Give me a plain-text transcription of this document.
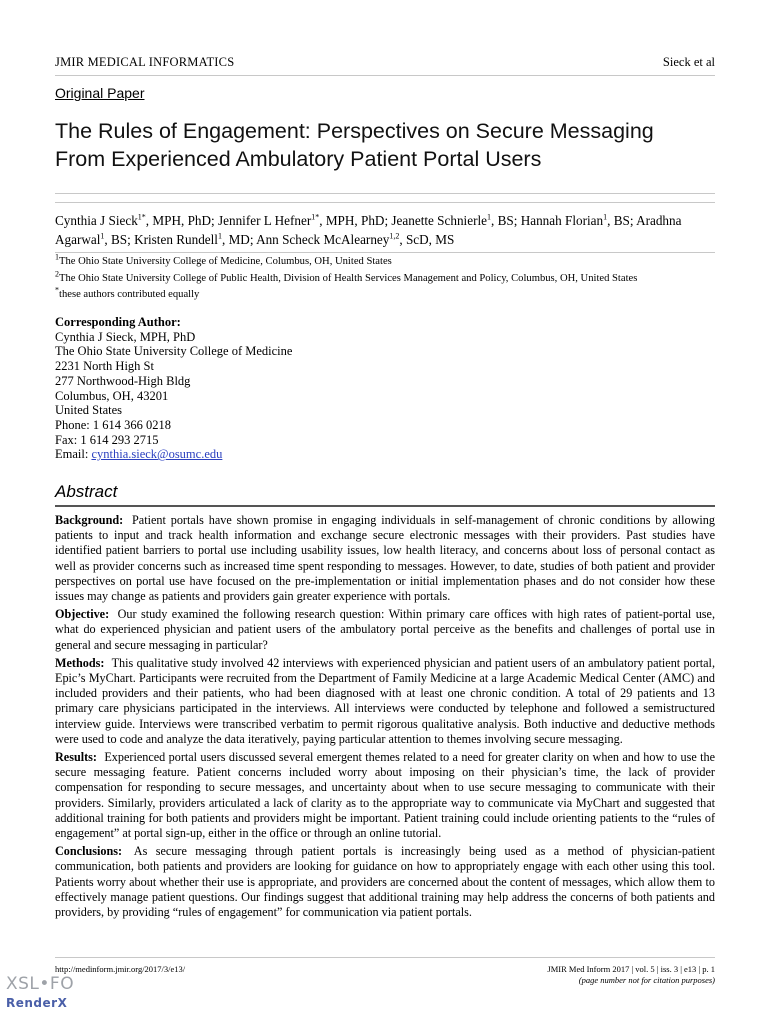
JMIR MEDICAL INFORMATICS	Sieck et al
Original Paper
The Rules of Engagement: Perspectives on Secure Messaging
From Experienced Ambulatory Patient Portal Users
Cynthia J Sieck$^{1*}$, MPH, PhD; Jennifer L Hefner$^{1*}$, MPH, PhD; Jeanette Schnierle$^1$, BS; Hannah Florian$^1$, BS; Aradhna Agarwal$^1$, BS; Kristen Rundell$^1$, MD; Ann Scheck McAlearney$^{1,2}$, ScD, MS
$^1$The Ohio State University College of Medicine, Columbus, OH, United States
$^2$The Ohio State University College of Public Health, Division of Health Services Management and Policy, Columbus, OH, United States
*these authors contributed equally
Corresponding Author:
Cynthia J Sieck, MPH, PhD
The Ohio State University College of Medicine
2231 North High St
277 Northwood-High Bldg
Columbus, OH, 43201
United States
Phone: 1 614 366 0218
Fax: 1 614 293 2715
Email: cynthia.sieck@osumc.edu
Abstract

Background: Patient portals have shown promise in engaging individuals in self-management of chronic conditions by allowing patients to input and track health information and exchange secure electronic messages with their providers. Past studies have identified patient barriers to portal use including usability issues, low health literacy, and concerns about loss of personal contact as well as provider concerns such as increased time spent responding to messages. However, to date, studies of both patient and provider perspectives on portal use have focused on the pre-implementation or initial implementation phases and do not consider how these issues may change as patients and providers gain greater experience with portals.

Objective: Our study examined the following research question: Within primary care offices with high rates of patient-portal use, what do experienced physician and patient users of the ambulatory portal perceive as the benefits and challenges of portal use in general and secure messaging in particular?

Methods: This qualitative study involved 42 interviews with experienced physician and patient users of an ambulatory patient portal, Epic’s MyChart. Participants were recruited from the Department of Family Medicine at a large Academic Medical Center (AMC) and included providers and their patients, who had been diagnosed with at least one chronic condition. A total of 29 patients and 13 primary care physicians participated in the interviews. All interviews were conducted by telephone and followed a semistructured interview guide. Interviews were transcribed verbatim to permit rigorous qualitative analysis. Both inductive and deductive methods were used to code and analyze the data iteratively, paying particular attention to themes involving secure messaging.

Results: Experienced portal users discussed several emergent themes related to a need for greater clarity on when and how to use the secure messaging feature. Patient concerns included worry about imposing on their physician’s time, the lack of provider compensation for responding to secure messages, and uncertainty about when to use secure messaging to communicate with their providers. Similarly, providers articulated a lack of clarity as to the appropriate way to communicate via MyChart and suggested that additional training for both patients and providers might be important. Patient training could include orienting patients to the “rules of engagement” at portal sign-up, either in the office or through an online tutorial.

Conclusions: As secure messaging through patient portals is increasingly being used as a method of physician-patient communication, both patients and providers are looking for guidance on how to appropriately engage with each other using this tool. Patients worry about whether their use is appropriate, and providers are concerned about the content of messages, which allow them to effectively manage patient questions. Our findings suggest that additional training may help address the concerns of both patients and providers, by providing “rules of engagement” for communication via patient portals.

http://medinform.jmir.org/2017/3/e13/	JMIR Med Inform 2017 | vol. 5 | iss. 3 | e13 | p. 1
(page number not for citation purposes)
XSL•FO
RenderX
